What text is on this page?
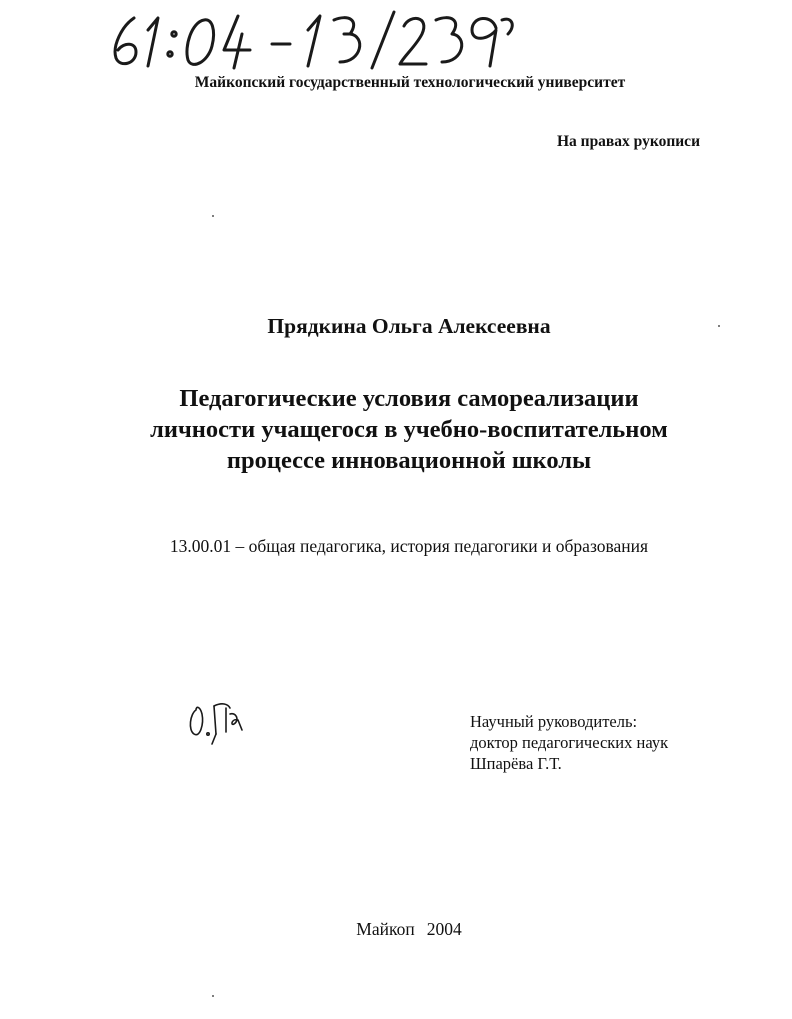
Майкопский государственный технологический университет
На правах рукописи
Прядкина Ольга Алексеевна
Педагогические условия самореализации
личности учащегося в учебно-воспитательном
процессе инновационной школы
13.00.01 – общая педагогика, история педагогики и образования
Научный руководитель:
доктор педагогических наук
Шпарёва Г.Т.
Майкоп 2004
